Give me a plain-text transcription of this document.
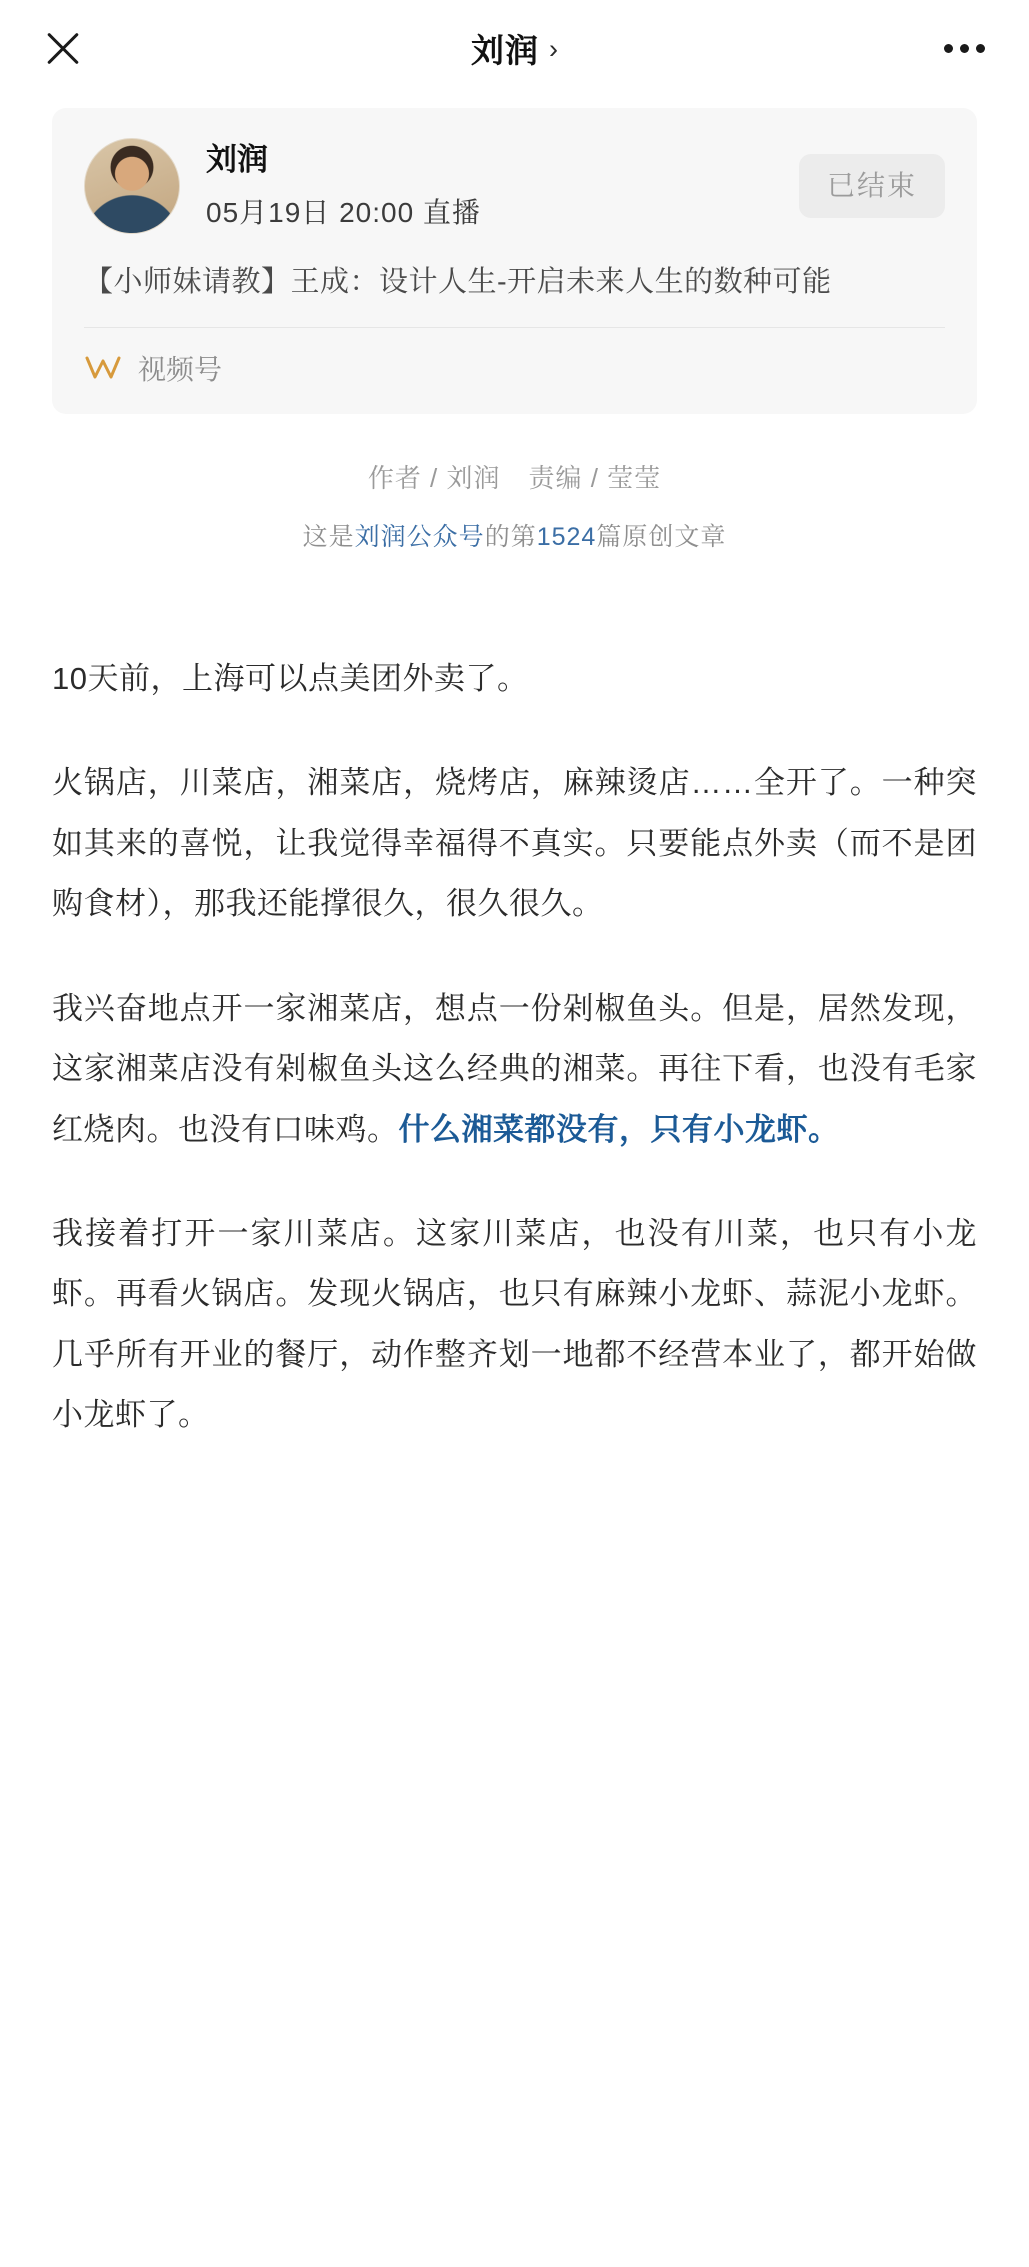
刘润 ›
刘润
05月19日 20:00 直播
已结束
【小师妹请教】王成：设计人生-开启未来人生的数种可能
视频号
作者 / 刘润 责编 / 莹莹
这是刘润公众号的第1524篇原创文章

10天前，上海可以点美团外卖了。

火锅店，川菜店，湘菜店，烧烤店，麻辣烫店……全开了。一种突如其来的喜悦，让我觉得幸福得不真实。只要能点外卖（而不是团购食材），那我还能撑很久，很久很久。

我兴奋地点开一家湘菜店，想点一份剁椒鱼头。但是，居然发现，这家湘菜店没有剁椒鱼头这么经典的湘菜。再往下看，也没有毛家红烧肉。也没有口味鸡。什么湘菜都没有，只有小龙虾。

我接着打开一家川菜店。这家川菜店，也没有川菜，也只有小龙虾。再看火锅店。发现火锅店，也只有麻辣小龙虾、蒜泥小龙虾。几乎所有开业的餐厅，动作整齐划一地都不经营本业了，都开始做小龙虾了。
